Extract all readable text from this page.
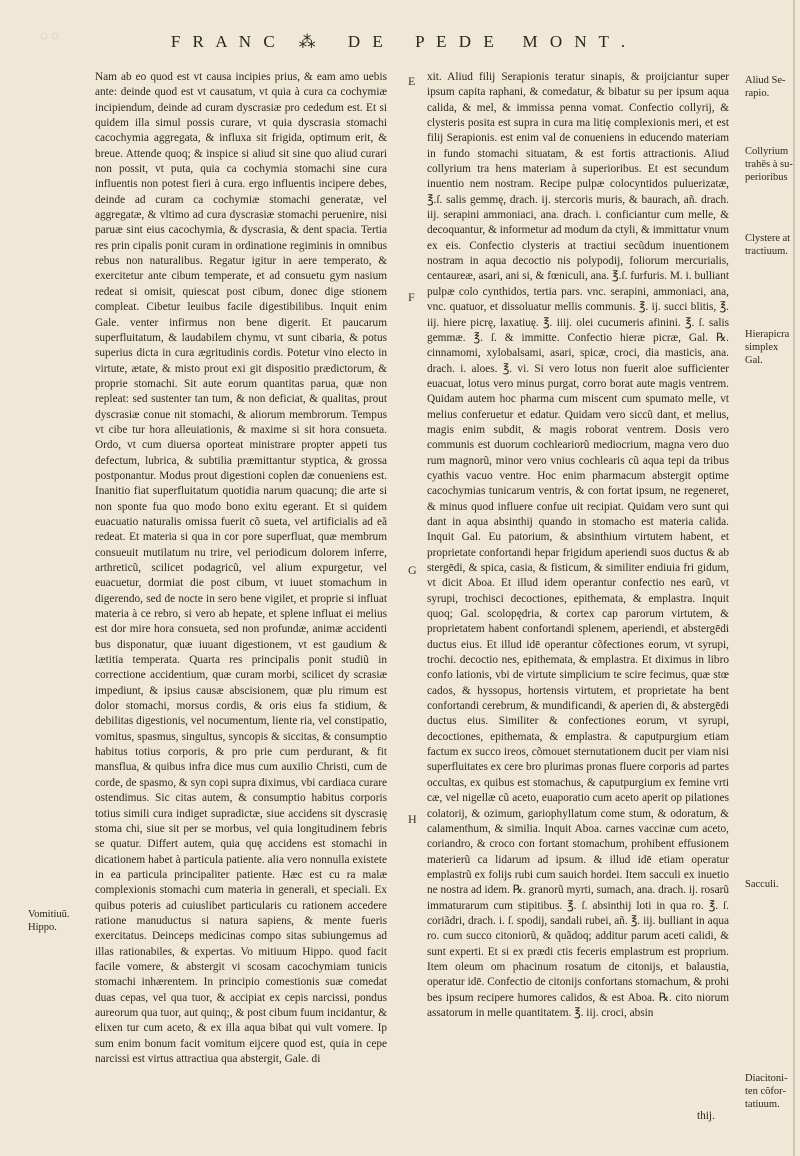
◌ ◌	F R A N C ⁂ D E P E D E   M O N T .

Nam ab eo quod est vt causa incipies prius, & eam amo uebis ante: deinde quod est vt causatum, vt quia à cura ca cochymiæ incipiendum, deinde ad curam dyscrasiæ pro cededum est. Et si quidem illa simul possis curare, vt quia dyscrasia stomachi cacochymia aggregata, & influxa sit frigida, optimum erit, & breue. Attende quoq; & inspice si aliud sit sine quo aliud curari non possit, vt puta, quia ca cochymia stomachi sine cura influentis non potest fieri à cura. ergo influentis incipere debes, deinde ad curam ca cochymiæ stomachi generatæ, vel aggregatæ, & vltimo ad cura dyscrasiæ stomachi peruenire, nisi paruæ sint eius cacochymia, & dyscrasia, & dent spacia. Tertia res prin cipalis ponit curam in ordinatione regiminis in omnibus rebus non naturalibus. Regatur igitur in aere temperato, & exercitetur ante cibum temperate, et ad consuetu gym nasium redeat si omisit, quiescat post cibum, donec dige stionem compleat. Cibetur leuibus facile digestibilibus. Inquit enim Gale. venter infirmus non bene digerit. Et paucarum superfluitatum, & laudabilem chymu, vt sunt cibaria, & potus superius dicta in cura ægritudinis cordis. Potetur vino electo in virtute, ætate, & misto prout exi git dispositio prædictorum, & proprie stomachi. Sit aute eorum quantitas parua, quæ non repleat: sed sustenter tan tum, & non deficiat, & qualitas, prout dyscrasiæ conue nit stomachi, & aliorum membrorum. Tempus vt cibe tur hora alleuiationis, & maxime si sit hora consueta. Ordo, vt cum diuersa oporteat ministrare propter appeti tus defectum, lubrica, & subtilia præmittantur styptica, & grossa postponantur. Modus prout digestioni coplen dæ conueniens est. Inanitio fiat superfluitatum quotidia narum quacunq; die arte si non sponte fua quo modo bono exitu egerant. Et si quidem euacuatio naturalis omissa fuerit cõ sueta, vel artificialis ad eã redeat. Et materia si qua in cor pore superfluat, quæ membrum consueuit mutilatum nu trire, vel periodicum dolorem inferre, arthreticũ, scilicet podagricũ, vel alium expurgetur, vel euacuetur, dormiat die post cibum, vt iuuet stomachum in digerendo, sed de nocte in sero bene vigilet, et proprie si influat materia à ce rebro, si vero ab hepate, et splene influat ei melius est dor mire hora consueta, sed non profundæ, animæ accidenti bus disponatur, quæ iuuant digestionem, vt est gaudium & lætitia temperata. Quarta res principalis ponit studiũ in correctione accidentium, quæ curam morbi, scilicet dy scrasiæ impediunt, & ipsius causæ abscisionem, quæ plu rimum est dolor stomachi, morsus cordis, & oris eius fa stidium, & debilitas digestionis, vel nocumentum, liente ria, vel constipatio, vomitus, spasmus, singultus, syncopis & siccitas, & consumptio habitus totius corporis, & pro prie cum perdurant, & fit mansflua, & quibus infra dice mus cum auxilio Christi, cum de corde, de spasmo, & syn copi supra diximus, vbi cardiaca curare ostendimus. Sic citas autem, & consumptio habitus corporis totius simili cura indiget supradictæ, siue accidens sit dyscrasię stoma chi, siue sit per se morbus, vel quia longitudinem febris se quatur. Differt autem, quia quę accidens est stomachi in dicationem habet à particula patiente. alia vero nonnulla existete in ea particula principaliter patiente. Hæc est cu ra malæ complexionis stomachi cum materia in generali, et speciali. Ex quibus poteris ad cuiuslibet particularis cu rationem accedere ratione manuductus si natura sapiens, & mente fueris exercitatus. Deinceps medicinas compo sitas subiungemus ad illas rationabiles, & expertas. Vo mitiuum Hippo. quod facit facile vomere, & abstergit vi scosam cacochymiam tunicis stomachi inhærentem. In principio comestionis suæ comedat duas cepas, vel qua tuor, & accipiat ex cepis narcissi, pondus aureorum qua tuor, aut quinq;, & post cibum fuum incidantur, & elixen tur cum aceto, & ex illa aqua bibat qui vult vomere. Ip sum enim bonum facit vomitum eijcere quod est, quia in cepe narcissi est virtus attractiua qua abstergit, Gale. di

xit. Aliud filij Serapionis teratur sinapis, & proijciantur super ipsum capita raphani, & comedatur, & bibatur su per ipsum aqua calida, & mel, & immissa penna vomat. Confectio collyrij, & clysteris posita est supra in cura ma litię complexionis meri, et est filij Serapionis. est enim val de conueniens in educendo materiam in fundo stomachi situatam, & est fortis attractionis. Aliud collyrium tra hens materiam à superioribus. Et est secundum inuentio nem nostram. Recipe pulpæ colocyntidos puluerizatæ, ℥.ſ. salis gemmę, drach. ij. stercoris muris, & baurach, añ. drach. iij. serapini ammoniaci, ana. drach. i. conficiantur cum melle, & decoquantur, & informetur ad modum da ctyli, & immittatur vnum ex eis. Confectio clysteris at tractiui secũdum inuentionem nostram in aqua decoctio nis polypodij, foliorum mercurialis, centaureæ, asari, ani si, & fœniculi, ana. ℥.ſ. furfuris. M. i. bulliant pulpæ colo cynthidos, tertia pars. vnc. serapini, ammoniaci, ana, vnc. quatuor, et dissoluatur mellis communis. ℥. ij. succi blitis, ℥. iij. hiere picrę, laxatiuę. ℥. iiij. olei cucumeris afinini. ℥. ſ. salis gemmæ. ℥. ſ. & immitte. Confectio hieræ picræ, Gal. ℞. cinnamomi, xylobalsami, asari, spicæ, croci, dia masticis, ana. drach. i. aloes. ℥. vi. Si vero lotus non fuerit aloe sufficienter euacuat, lotus vero minus purgat, corro borat aute magis ventrem. Quidam autem hoc pharma cum miscent cum spumato melle, vt melius conferuetur et edatur. Quidam vero siccũ dant, et melius, magis enim subdit, & magis roborat ventrem. Dosis vero communis est duorum cochleariorũ mediocrium, magna vero duo rum magnorũ, minor vero vnius cochlearis cũ aqua tepi da tribus cyathis vacuo ventre. Hoc enim pharmacum abstergit optime cacochymias tunicarum ventris, & con fortat ipsum, ne regeneret, & minus quod influere confue uit recipiat. Quidam vero sunt qui dant in aqua absinthij quando in stomacho est materia calida. Inquit Gal. Eu patorium, & absinthium virtutem habent, et proprietate confortandi hepar frigidum aperiendi suos ductus & ab stergēdi, & spica, casia, & fisticum, & similiter endiuia fri gidum, vt dicit Aboa. Et illud idem operantur confectio nes earũ, vt syrupi, trochisci decoctiones, epithemata, & emplastra. Inquit quoq; Gal. scolopędria, & cortex cap parorum virtutem, & proprietatem habent confortandi splenem, aperiendi, et abstergēdi ductus eius. Et illud idē operantur cõfectiones eorum, vt syrupi, trochi. decoctio nes, epithemata, & emplastra. Et diximus in libro confo lationis, vbi de virtute simplicium te scire fecimus, quæ stœ cados, & hyssopus, hortensis virtutem, et proprietate ha bent confortandi cerebrum, & mundificandi, & aperien di, & abstergēdi ductus eius. Similiter & confectiones eorum, vt syrupi, decoctiones, epithemata, & emplastra. & caputpurgium etiam factum ex succo ireos, cõmouet sternutationem ducit per viam nisi superfluitates ex cere bro plurimas pronas fluere corporis ad partes occultas, ex quibus est stomachus, & caputpurgium ex femine vrti cæ, vel nigellæ cũ aceto, euaporatio cum aceto aperit op pilationes colatorij, & ozimum, gariophyllatum come stum, & odoratum, & calamenthum, & similia. Inquit Aboa. carnes vaccinæ cum aceto, coriandro, & croco con fortant stomachum, prohibent effusionem materierũ ca lidarum ad ipsum. & illud idē etiam operatur emplastrũ ex folijs rubi cum sauich hordei. Item sacculi ex inuetio ne nostra ad idem. ℞. granorũ myrti, sumach, ana. drach. ij. rosarũ immaturarum cum stipitibus. ℥. ſ. absinthij loti in qua ro. ℥. ſ. coriãdri, drach. i. ſ. spodij, sandali rubei, añ. ℥. iij. bulliant in aqua ro. cum succo citoniorũ, & quãdoq; additur parum aceti calidi, & sunt experti. Et si ex prædi ctis feceris emplastrum est proprium. Item oleum om phacinum rosatum de citonijs, et balaustia, operatur idē. Confectio de citonijs confortans stomachum, & prohi bes ipsum recipere humores calidos, & est Aboa. ℞. cito niorum assatorum in melle quantitatem. ℥. iij. croci, absin

E
F
G
H
Vomitiuũ.
Hippo.
Aliud Se-
rapio.
Collyrium
trahēs à su-
perioribus
Clystere at
tractiuum.
Hierapicra
simplex
Gal.
Sacculi.
Diacitoni-
ten cõfor-
tatiuum.
thij.
